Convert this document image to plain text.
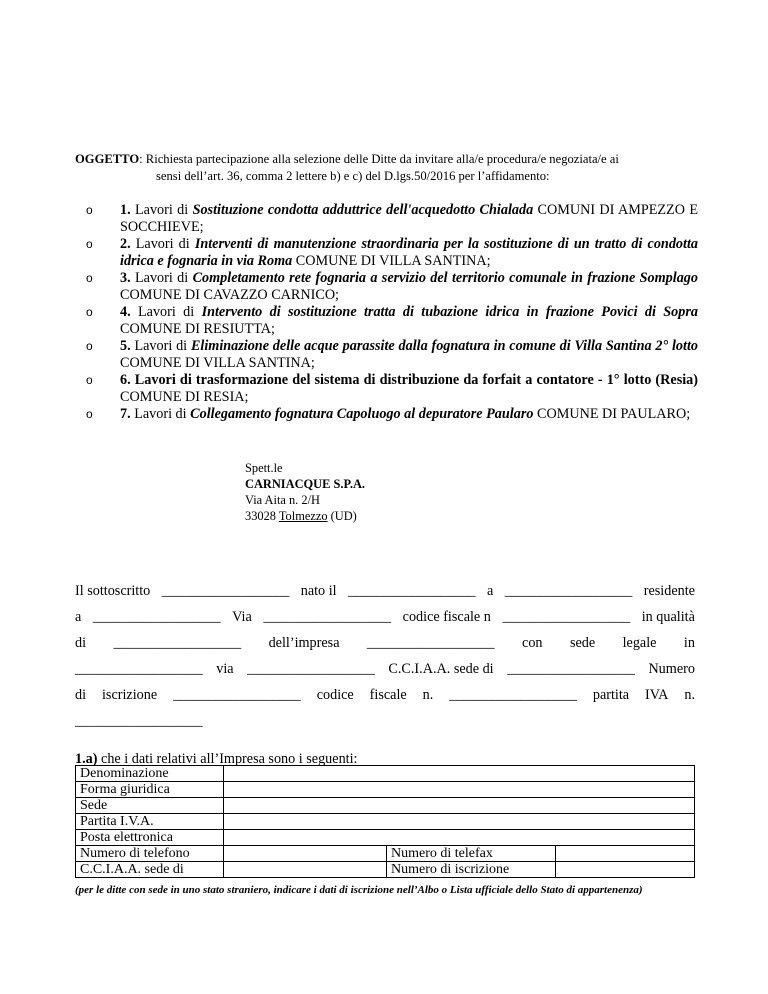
OGGETTO: Richiesta partecipazione alla selezione delle Ditte da invitare alla/e procedura/e negoziata/e ai
sensi dell’art. 36, comma 2 lettere b) e c) del D.lgs.50/2016 per l’affidamento:
o 1. Lavori di Sostituzione condotta adduttrice dell'acquedotto Chialada COMUNI DI AMPEZZO E SOCCHIEVE;
o 2. Lavori di Interventi di manutenzione straordinaria per la sostituzione di un tratto di condotta idrica e fognaria in via Roma COMUNE DI VILLA SANTINA;
o 3. Lavori di Completamento rete fognaria a servizio del territorio comunale in frazione Somplago COMUNE DI CAVAZZO CARNICO;
o 4. Lavori di Intervento di sostituzione tratta di tubazione idrica in frazione Povici di Sopra COMUNE DI RESIUTTA;
o 5. Lavori di Eliminazione delle acque parassite dalla fognatura in comune di Villa Santina 2° lotto COMUNE DI VILLA SANTINA;
o 6. Lavori di trasformazione del sistema di distribuzione da forfait a contatore - 1° lotto (Resia) COMUNE DI RESIA;
o 7. Lavori di Collegamento fognatura Capoluogo al depuratore Paularo COMUNE DI PAULARO;
Spett.le
CARNIACQUE S.P.A.
Via Aita n. 2/H
33028 Tolmezzo (UD)
Il sottoscritto __________________ nato il __________________ a __________________ residente
a __________________ Via __________________ codice fiscale n __________________ in qualità
di __________________ dell’impresa __________________ con sede legale in
__________________ via __________________ C.C.I.A.A. sede di __________________ Numero
di iscrizione __________________ codice fiscale n. __________________ partita IVA n.
__________________
1.a) che i dati relativi all’Impresa sono i seguenti:
Denominazione			
Forma giuridica			
Sede			
Partita I.V.A.			
Posta elettronica			
Numero di telefono		Numero di telefax	
C.C.I.A.A. sede di		Numero di iscrizione	
(per le ditte con sede in uno stato straniero, indicare i dati di iscrizione nell’Albo o Lista ufficiale dello Stato di appartenenza)
